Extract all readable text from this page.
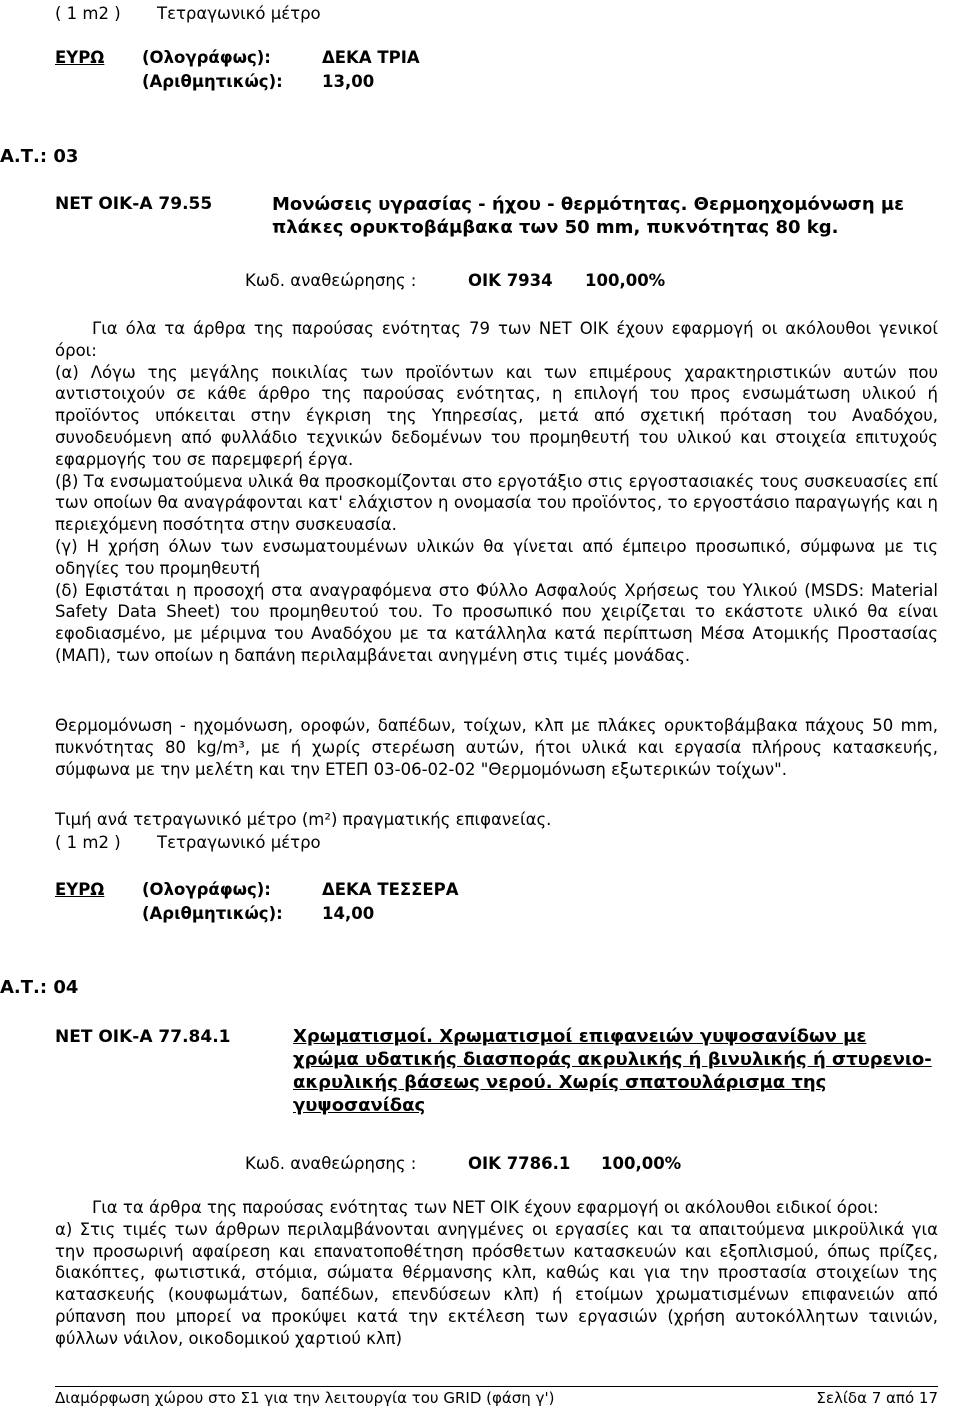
( 1 m2 ) Τετραγωνικό μέτρο
ΕΥΡΩ (Ολογράφως):	ΔΕΚΑ ΤΡΙΑ
(Αριθμητικώς): 13,00
Α.Τ.: 03
ΝΕΤ ΟΙΚ-Α 79.55	Μονώσεις υγρασίας - ήχου - θερμότητας. Θερμοηχομόνωση με
πλάκες ορυκτοβάμβακα των 50 mm, πυκνότητας 80 kg.
Κωδ. αναθεώρησης :	ΟΙΚ 7934 100,00%

Για όλα τα άρθρα της παρούσας ενότητας 79 των ΝΕΤ ΟΙΚ έχουν εφαρμογή οι ακόλουθοι γενικοί όροι:

(α) Λόγω της μεγάλης ποικιλίας των προϊόντων και των επιμέρους χαρακτηριστικών αυτών που αντιστοιχούν σε κάθε άρθρο της παρούσας ενότητας, η επιλογή του προς ενσωμάτωση υλικού ή προϊόντος υπόκειται στην έγκριση της Υπηρεσίας, μετά από σχετική πρόταση του Αναδόχου, συνοδευόμενη από φυλλάδιο τεχνικών δεδομένων του προμηθευτή του υλικού και στοιχεία επιτυχούς εφαρμογής του σε παρεμφερή έργα.

(β) Τα ενσωματούμενα υλικά θα προσκομίζονται στο εργοτάξιο στις εργοστασιακές τους συσκευασίες επί των οποίων θα αναγράφονται κατ' ελάχιστον η ονομασία του προϊόντος, το εργοστάσιο παραγωγής και η περιεχόμενη ποσότητα στην συσκευασία.

(γ) Η χρήση όλων των ενσωματουμένων υλικών θα γίνεται από έμπειρο προσωπικό, σύμφωνα με τις οδηγίες του προμηθευτή

(δ) Εφιστάται η προσοχή στα αναγραφόμενα στο Φύλλο Ασφαλούς Χρήσεως του Υλικού (MSDS: Material Safety Data Sheet) του προμηθευτού του. Το προσωπικό που χειρίζεται το εκάστοτε υλικό θα είναι εφοδιασμένο, με μέριμνα του Αναδόχου με τα κατάλληλα κατά περίπτωση Μέσα Ατομικής Προστασίας (ΜΑΠ), των οποίων η δαπάνη περιλαμβάνεται ανηγμένη στις τιμές μονάδας.

Θερμομόνωση - ηχομόνωση, οροφών, δαπέδων, τοίχων, κλπ με πλάκες ορυκτοβάμβακα πάχους 50 mm, πυκνότητας 80 kg/m³, με ή χωρίς στερέωση αυτών, ήτοι υλικά και εργασία πλήρους κατασκευής, σύμφωνα με την μελέτη και την ΕΤΕΠ 03-06-02-02 "Θερμομόνωση εξωτερικών τοίχων".
Τιμή ανά τετραγωνικό μέτρο (m²) πραγματικής επιφανείας.
( 1 m2 ) Τετραγωνικό μέτρο
ΕΥΡΩ (Ολογράφως):	ΔΕΚΑ ΤΕΣΣΕΡΑ
(Αριθμητικώς): 14,00
Α.Τ.: 04
ΝΕΤ ΟΙΚ-Α 77.84.1	Χρωματισμοί. Χρωματισμοί επιφανειών γυψοσανίδων με
χρώμα υδατικής διασποράς ακρυλικής ή βινυλικής ή στυρενιο-
ακρυλικής βάσεως νερού. Χωρίς σπατουλάρισμα της
γυψοσανίδας
Κωδ. αναθεώρησης :	ΟΙΚ 7786.1 100,00%

Για τα άρθρα της παρούσας ενότητας των ΝΕΤ ΟΙΚ έχουν εφαρμογή οι ακόλουθοι ειδικοί όροι:

α) Στις τιμές των άρθρων περιλαμβάνονται ανηγμένες οι εργασίες και τα απαιτούμενα μικροϋλικά για την προσωρινή αφαίρεση και επανατοποθέτηση πρόσθετων κατασκευών και εξοπλισμού, όπως πρίζες, διακόπτες, φωτιστικά, στόμια, σώματα θέρμανσης κλπ, καθώς και για την προστασία στοιχείων της κατασκευής (κουφωμάτων, δαπέδων, επενδύσεων κλπ) ή ετοίμων χρωματισμένων επιφανειών από ρύπανση που μπορεί να προκύψει κατά την εκτέλεση των εργασιών (χρήση αυτοκόλλητων ταινιών, φύλλων νάιλον, οικοδομικού χαρτιού κλπ)

Διαμόρφωση χώρου στο Σ1 για την λειτουργία του GRID (φάση γ')	Σελίδα 7 από 17
